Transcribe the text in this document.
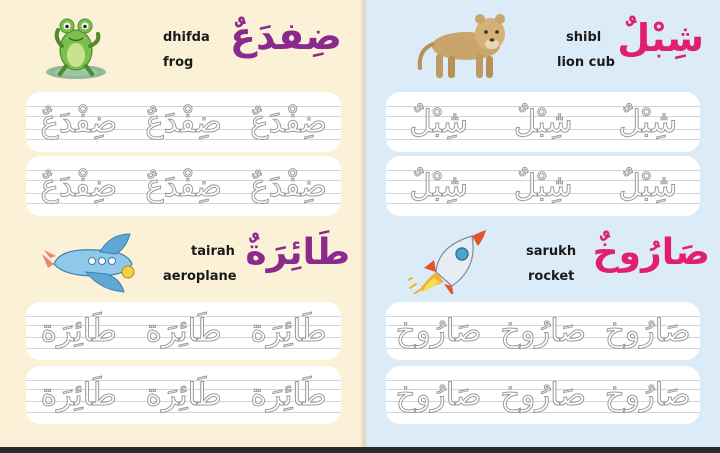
dhifda
frog
ضِفدَعٌ
ضِفْدَعٌ
ضِفْدَعٌ
ضِفْدَعٌ
ضِفْدَعٌ
ضِفْدَعٌ
ضِفْدَعٌ
shibl
lion cub
شِبْلٌ
شِبْلٌ
شِبْلٌ
شِبْلٌ
شِبْلٌ
شِبْلٌ
شِبْلٌ
tairah
aeroplane
طَائِرَةٌ
طَائِرَة
طَائِرَة
طَائِرَة
طَائِرَة
طَائِرَة
طَائِرَة
sarukh
rocket
صَارُوخٌ
صَارُوخ
صَارُوخ
صَارُوخ
صَارُوخ
صَارُوخ
صَارُوخ
